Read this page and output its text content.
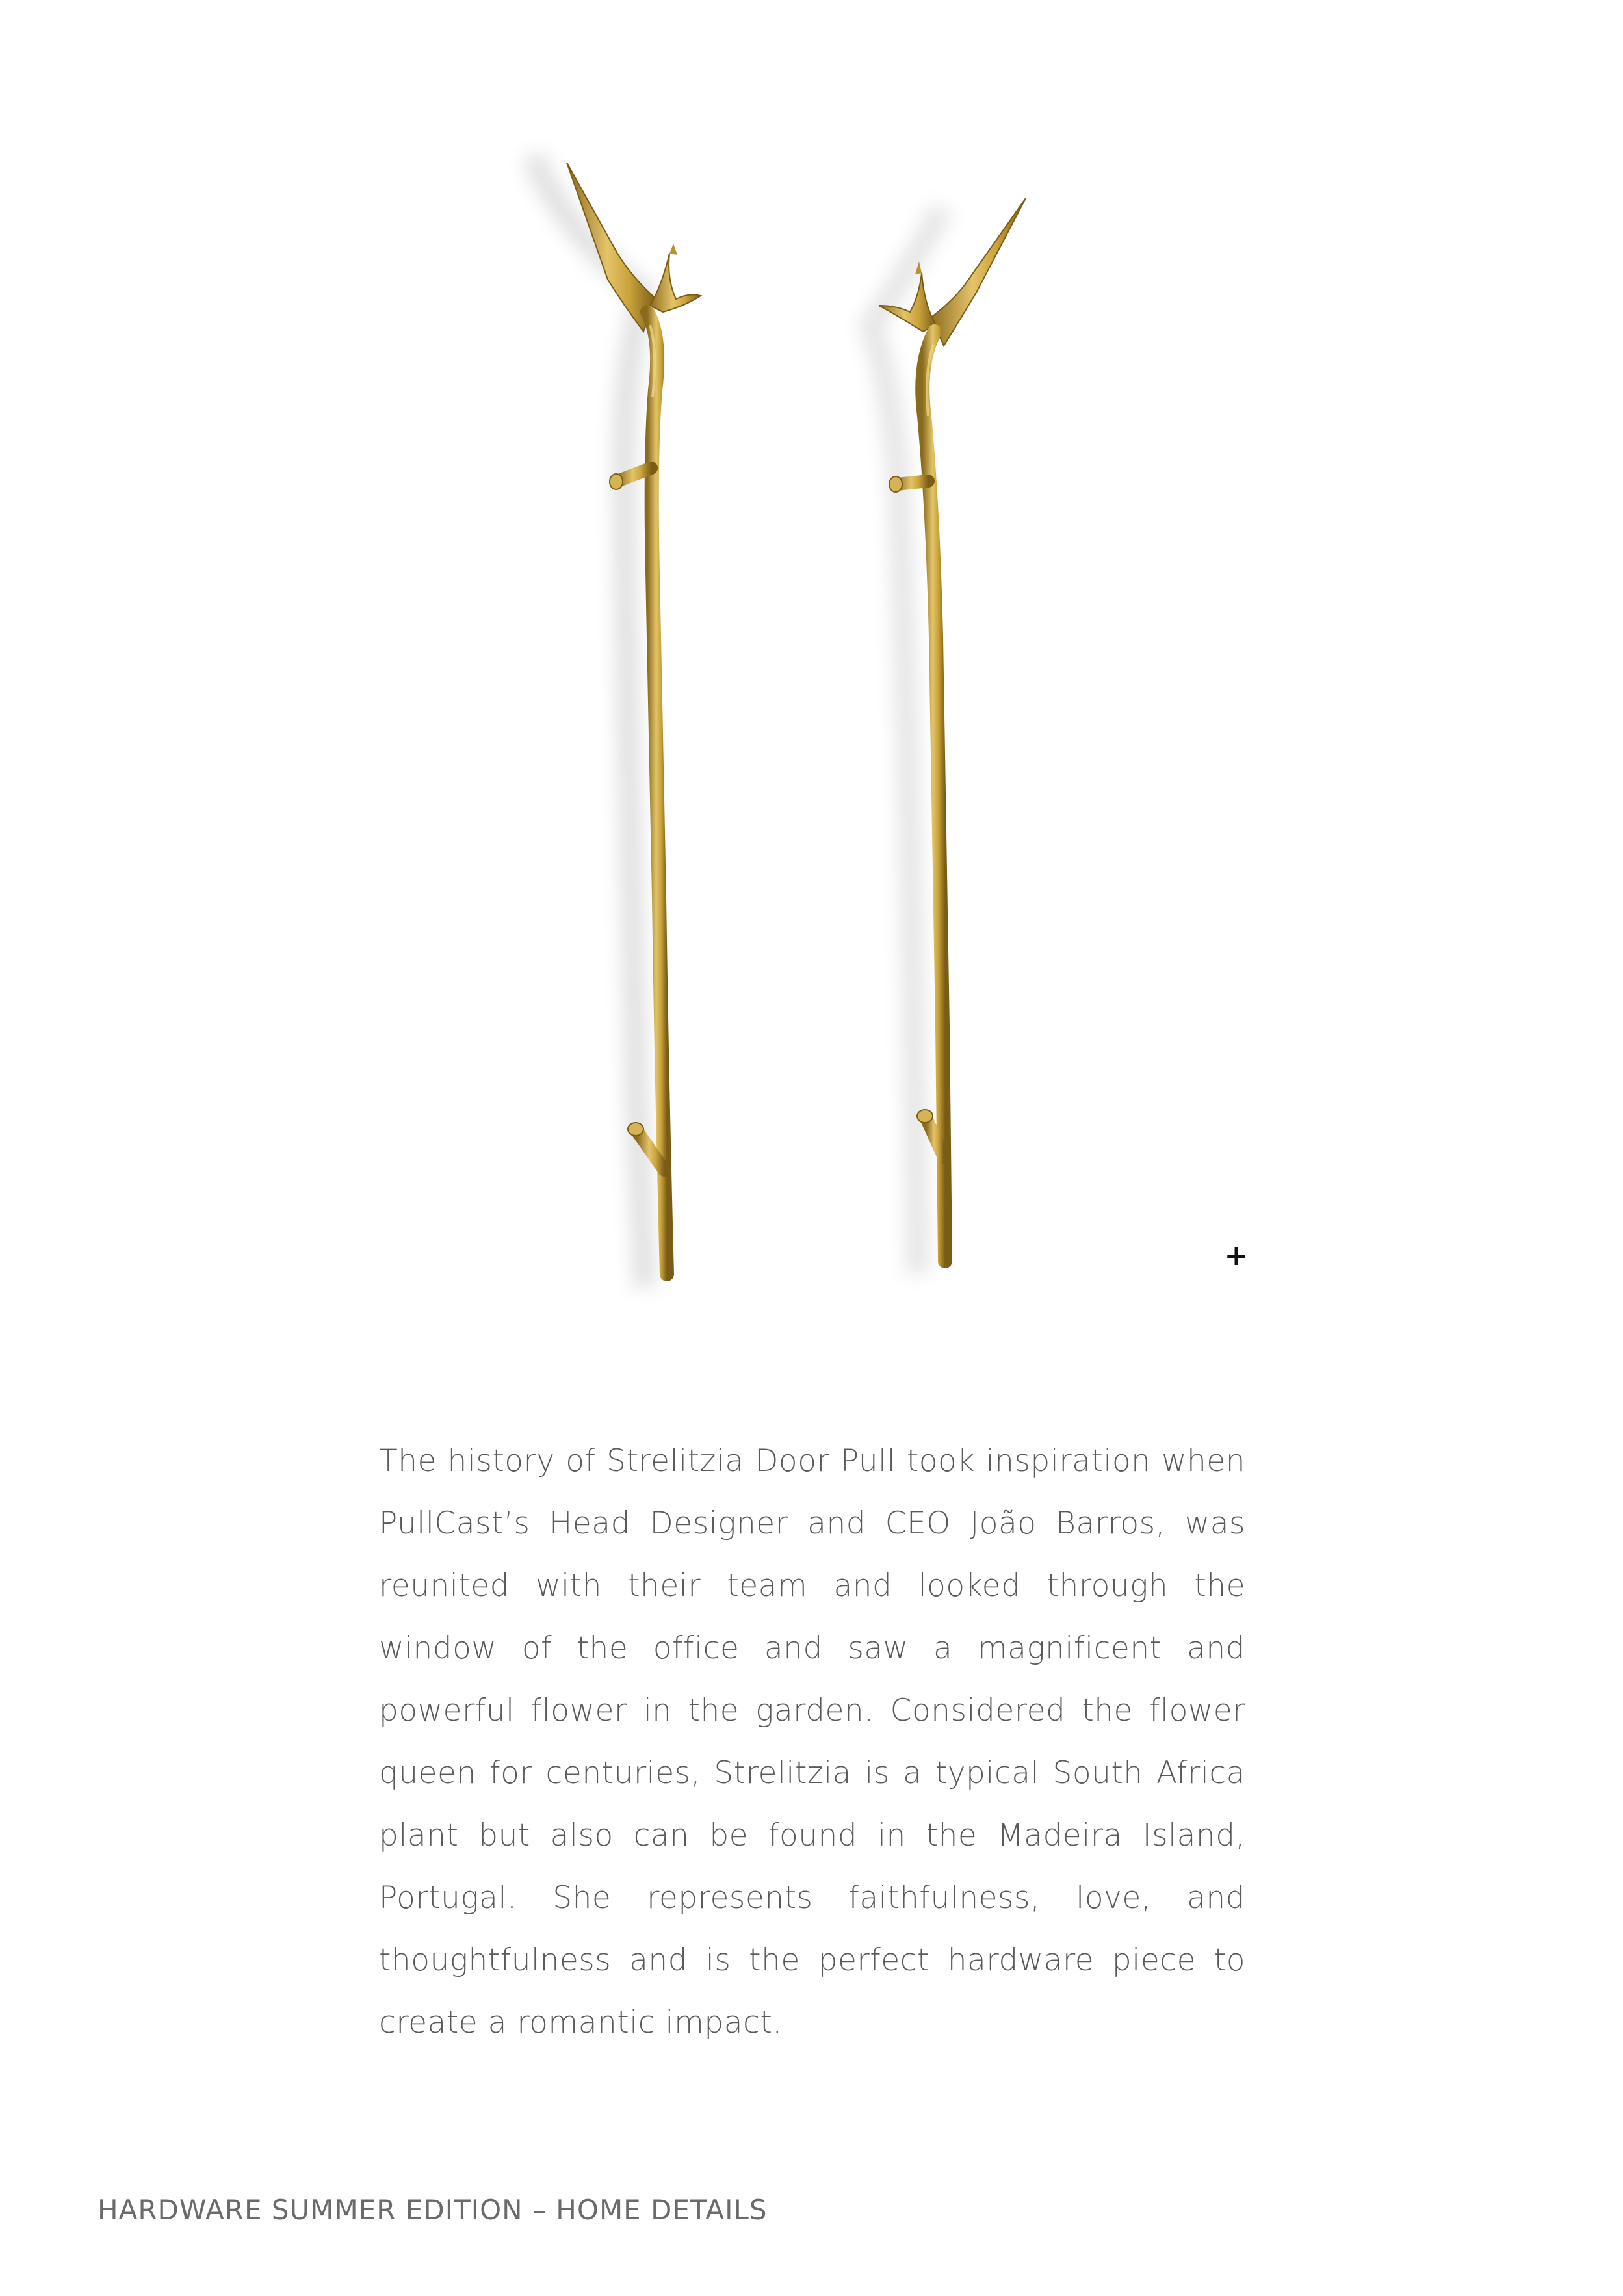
+

The history of Strelitzia Door Pull took inspiration when PullCast’s Head Designer and CEO João Barros, was reunited with their team and looked through the window of the office and saw a magnificent and powerful flower in the garden. Considered the flower queen for centuries, Strelitzia is a typical South Africa plant but also can be found in the Madeira Island, Portugal. She represents faithfulness, love, and thoughtfulness and is the perfect hardware piece to create a romantic impact.

HARDWARE SUMMER EDITION – HOME DETAILS
